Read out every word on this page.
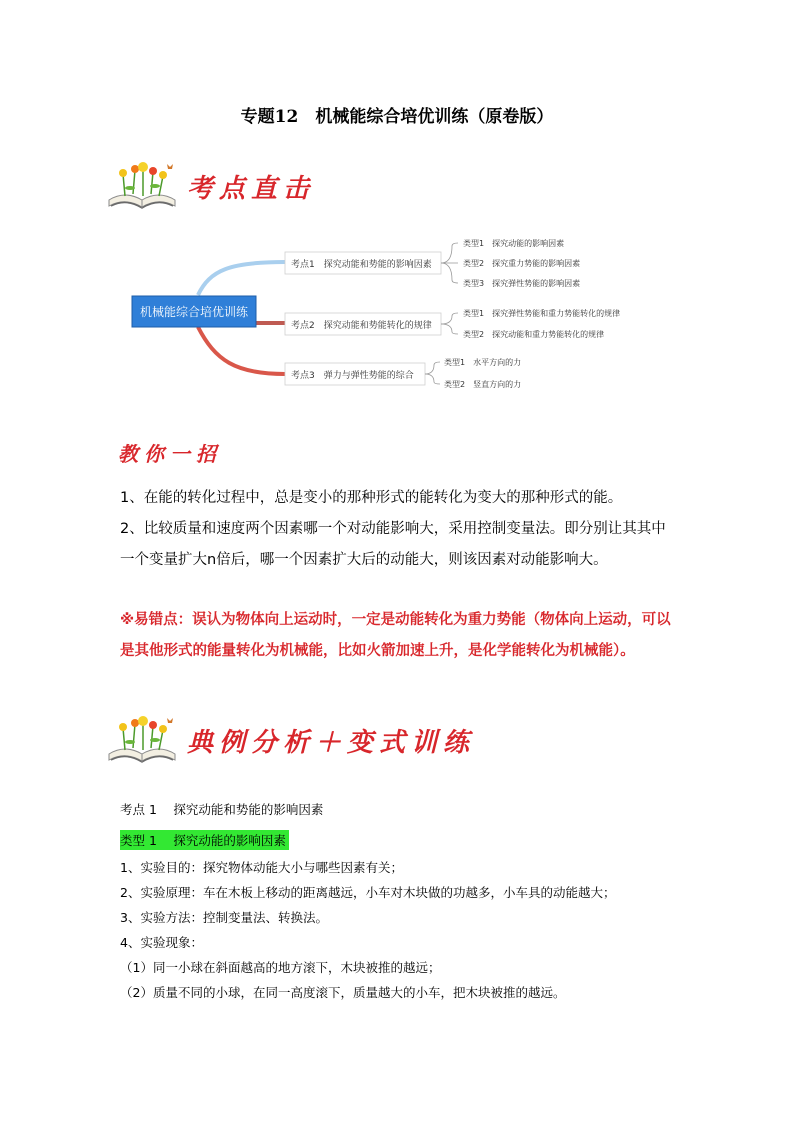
专题12　机械能综合培优训练（原卷版）
考点直击
机械能综合培优训练
考点1　探究动能和势能的影响因素
类型1　探究动能的影响因素
类型2　探究重力势能的影响因素
类型3　探究弹性势能的影响因素
考点2　探究动能和势能转化的规律
类型1　探究弹性势能和重力势能转化的规律
类型2　探究动能和重力势能转化的规律
考点3　弹力与弹性势能的综合
类型1　水平方向的力
类型2　竖直方向的力
教你一招
1、在能的转化过程中，总是变小的那种形式的能转化为变大的那种形式的能。
2、比较质量和速度两个因素哪一个对动能影响大，采用控制变量法。即分别让其其中一个变量扩大n倍后，哪一个因素扩大后的动能大，则该因素对动能影响大。
※易错点：误认为物体向上运动时，一定是动能转化为重力势能（物体向上运动，可以是其他形式的能量转化为机械能，比如火箭加速上升，是化学能转化为机械能）。
典例分析＋变式训练
考点 1　 探究动能和势能的影响因素
类型 1　 探究动能的影响因素
1、实验目的：探究物体动能大小与哪些因素有关；
2、实验原理：车在木板上移动的距离越远，小车对木块做的功越多，小车具的动能越大；
3、实验方法：控制变量法、转换法。
4、实验现象：
（1）同一小球在斜面越高的地方滚下，木块被推的越远；
（2）质量不同的小球，在同一高度滚下，质量越大的小车，把木块被推的越远。
